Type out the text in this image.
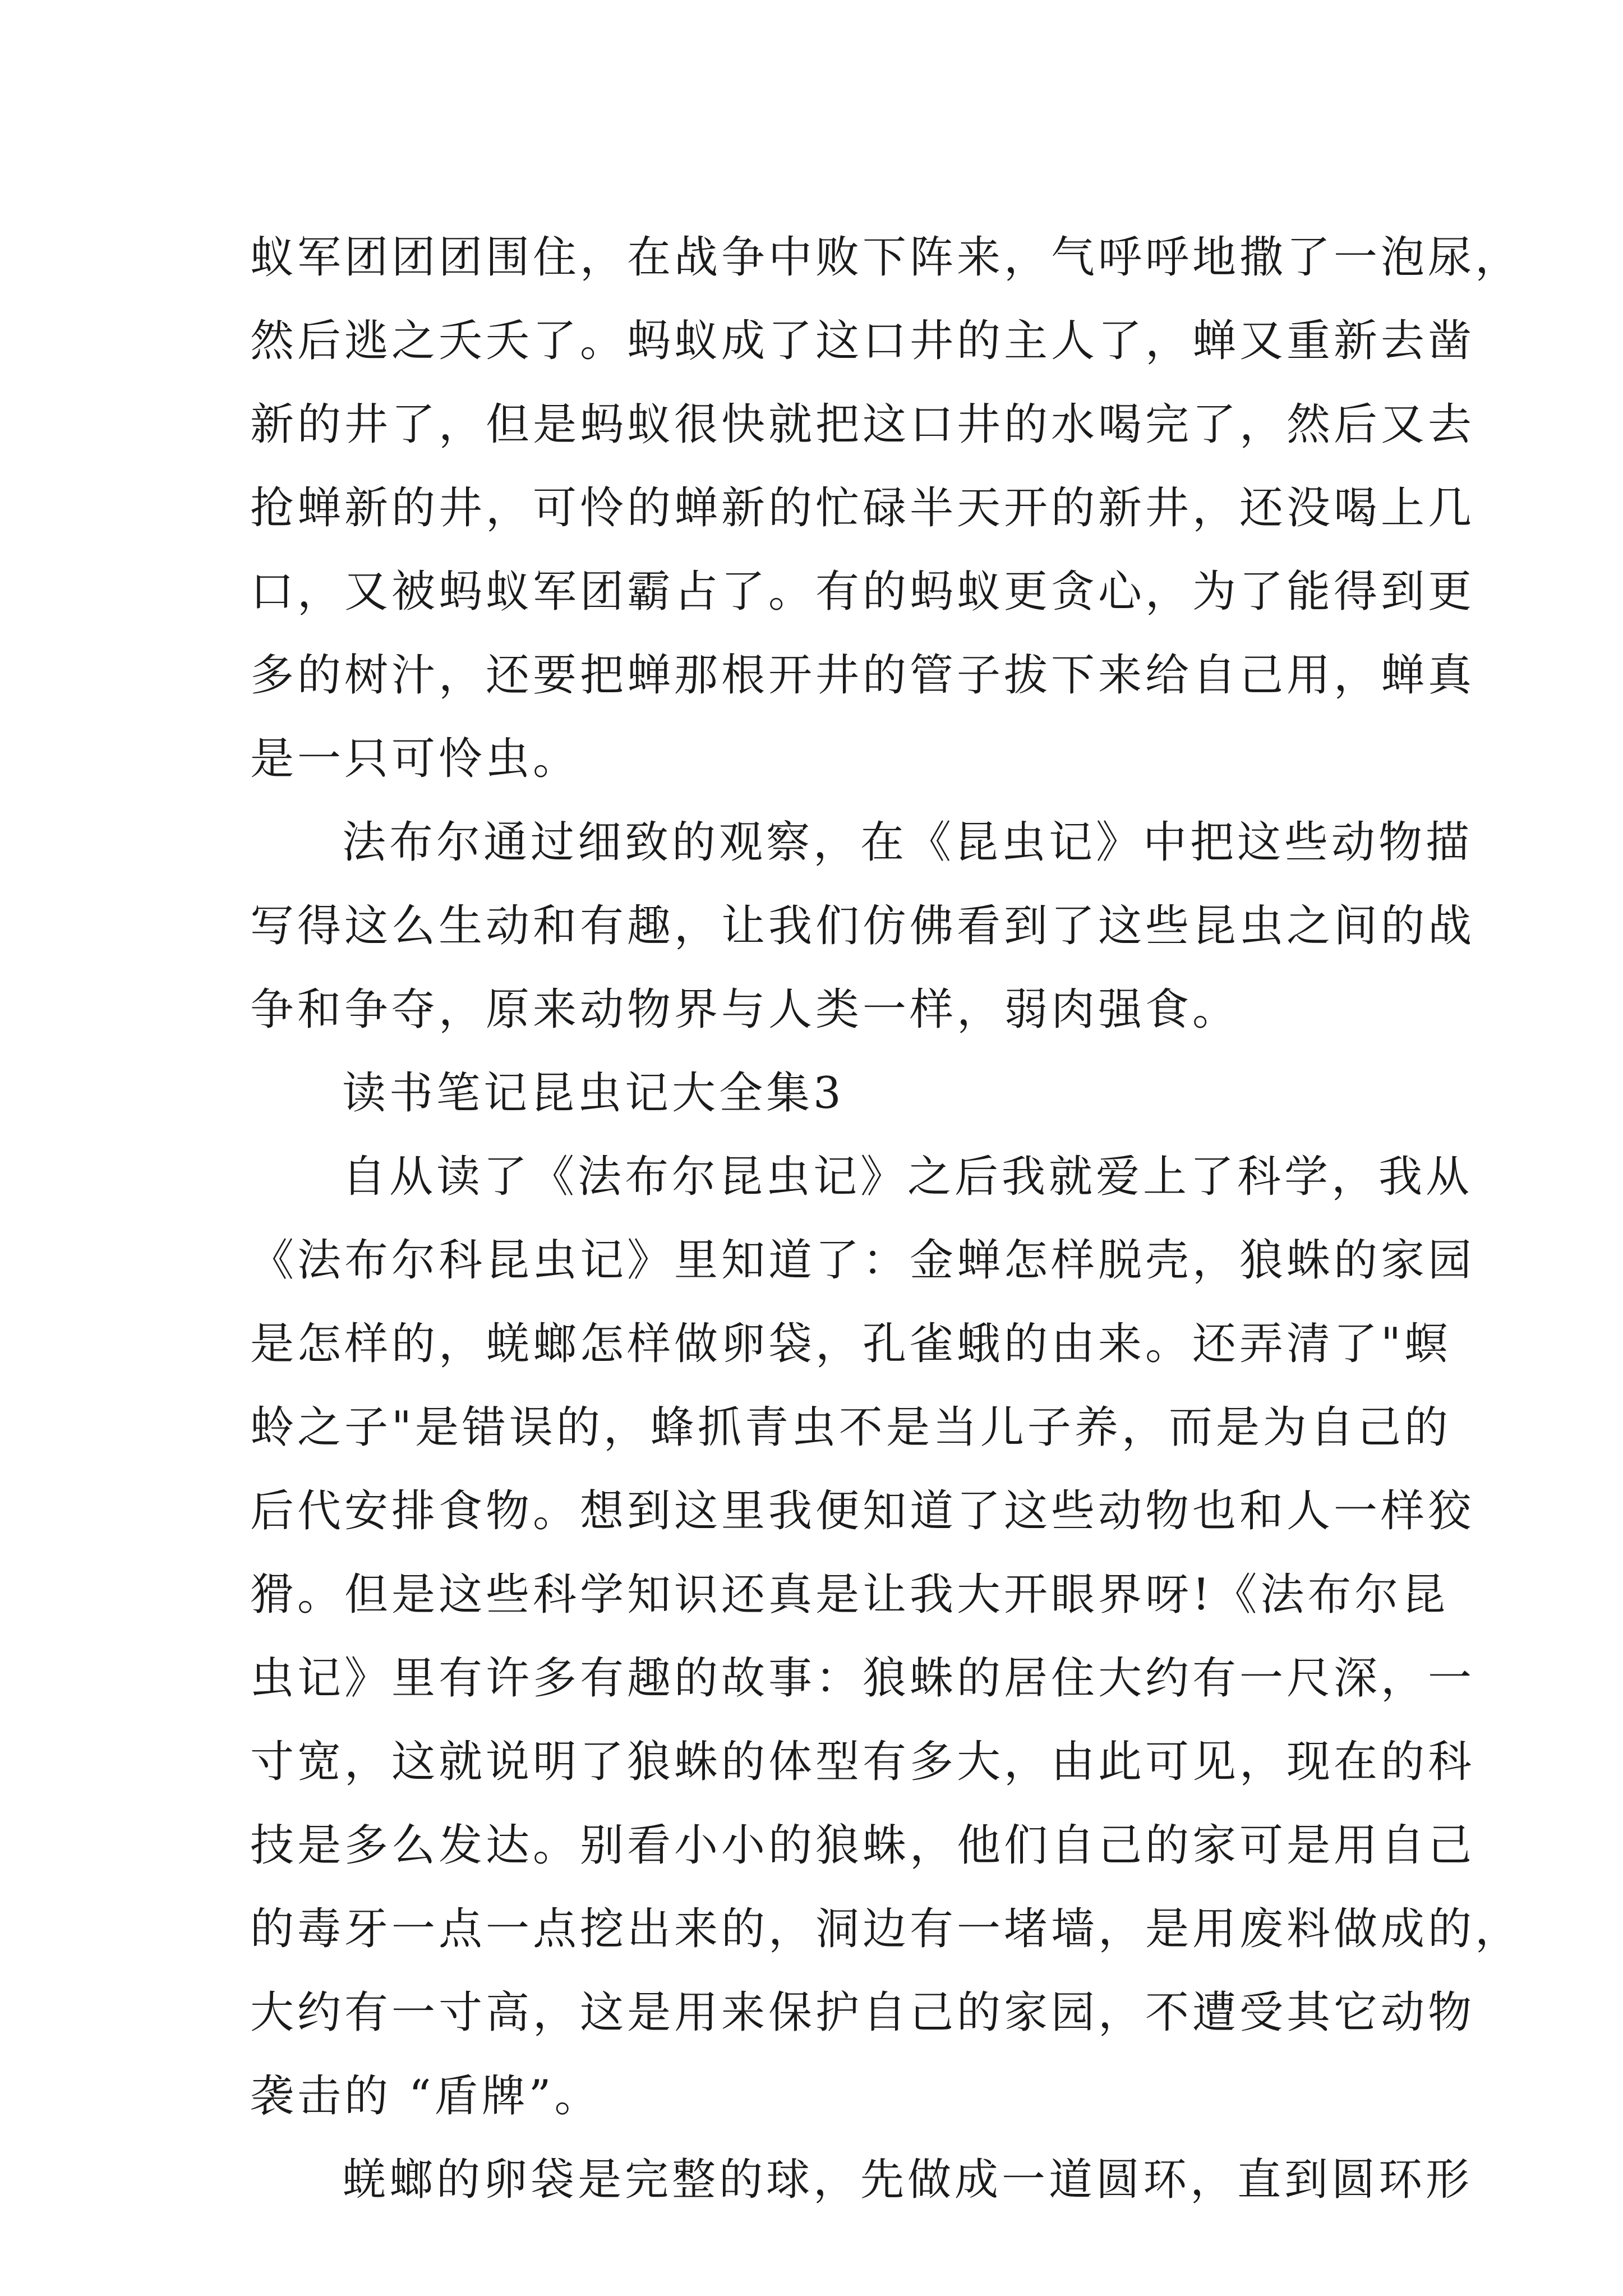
蚁军团团团围住，在战争中败下阵来，气呼呼地撒了一泡尿，
然后逃之夭夭了。蚂蚁成了这口井的主人了，蝉又重新去凿
新的井了，但是蚂蚁很快就把这口井的水喝完了，然后又去
抢蝉新的井，可怜的蝉新的忙碌半天开的新井，还没喝上几
口，又被蚂蚁军团霸占了。有的蚂蚁更贪心，为了能得到更
多的树汁，还要把蝉那根开井的管子拔下来给自己用，蝉真
是一只可怜虫。
法布尔通过细致的观察，在《昆虫记》中把这些动物描
写得这么生动和有趣，让我们仿佛看到了这些昆虫之间的战
争和争夺，原来动物界与人类一样，弱肉强食。
读书笔记昆虫记大全集3
自从读了《法布尔昆虫记》之后我就爱上了科学，我从
《法布尔科昆虫记》里知道了：金蝉怎样脱壳，狼蛛的家园
是怎样的，蜣螂怎样做卵袋，孔雀蛾的由来。还弄清了"螟
蛉之子"是错误的，蜂抓青虫不是当儿子养，而是为自己的
后代安排食物。想到这里我便知道了这些动物也和人一样狡
猾。但是这些科学知识还真是让我大开眼界呀!《法布尔昆
虫记》里有许多有趣的故事：狼蛛的居住大约有一尺深，一
寸宽，这就说明了狼蛛的体型有多大，由此可见，现在的科
技是多么发达。别看小小的狼蛛，他们自己的家可是用自己
的毒牙一点一点挖出来的，洞边有一堵墙，是用废料做成的，
大约有一寸高，这是用来保护自己的家园，不遭受其它动物
袭击的 “盾牌”。
蜣螂的卵袋是完整的球，先做成一道圆环，直到圆环形
